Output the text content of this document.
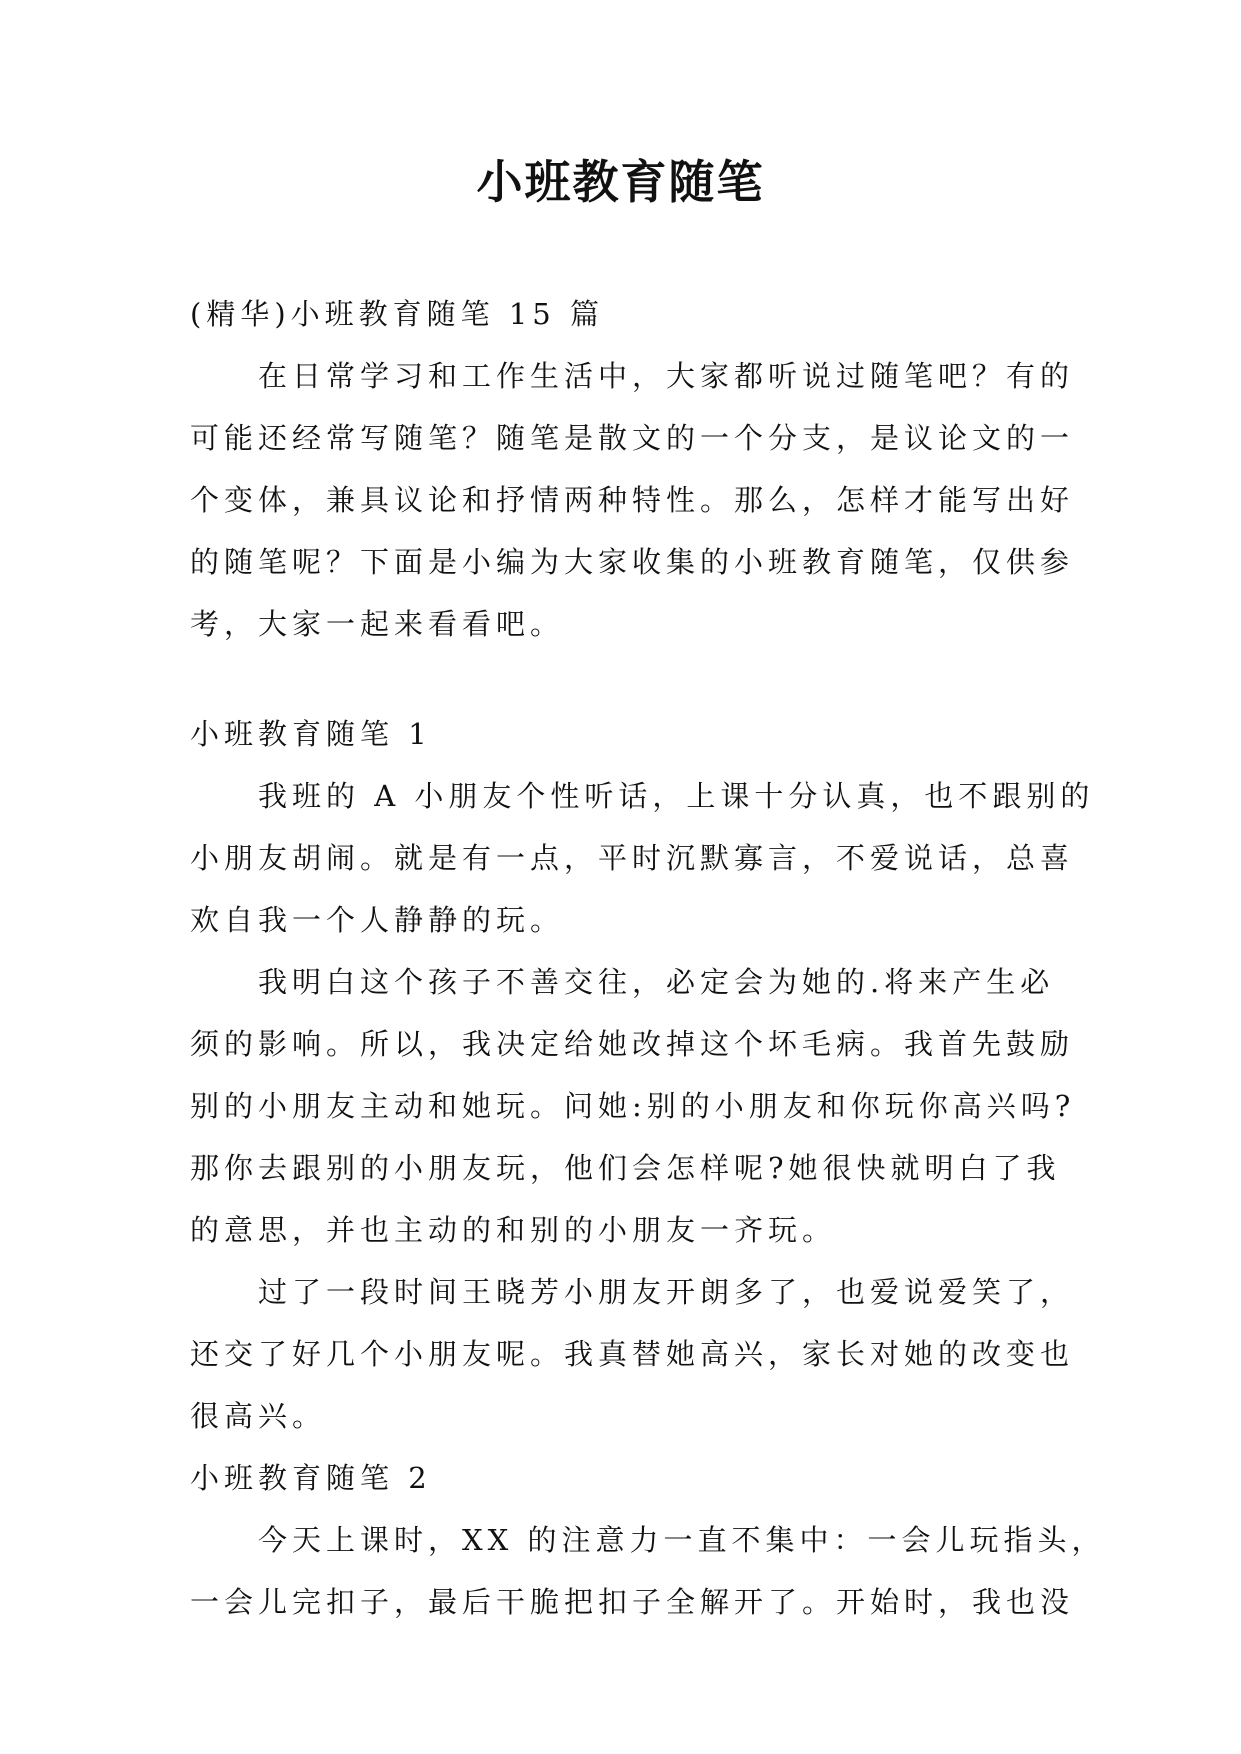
小班教育随笔
(精华)小班教育随笔 15 篇
在日常学习和工作生活中，大家都听说过随笔吧？有的
可能还经常写随笔？随笔是散文的一个分支，是议论文的一
个变体，兼具议论和抒情两种特性。那么，怎样才能写出好
的随笔呢？下面是小编为大家收集的小班教育随笔，仅供参
考，大家一起来看看吧。
小班教育随笔 1
我班的 A 小朋友个性听话，上课十分认真，也不跟别的
小朋友胡闹。就是有一点，平时沉默寡言，不爱说话，总喜
欢自我一个人静静的玩。
我明白这个孩子不善交往，必定会为她的.将来产生必
须的影响。所以，我决定给她改掉这个坏毛病。我首先鼓励
别的小朋友主动和她玩。问她:别的小朋友和你玩你高兴吗?
那你去跟别的小朋友玩，他们会怎样呢?她很快就明白了我
的意思，并也主动的和别的小朋友一齐玩。
过了一段时间王晓芳小朋友开朗多了，也爱说爱笑了，
还交了好几个小朋友呢。我真替她高兴，家长对她的改变也
很高兴。
小班教育随笔 2
今天上课时，XX 的注意力一直不集中：一会儿玩指头，
一会儿完扣子，最后干脆把扣子全解开了。开始时，我也没
